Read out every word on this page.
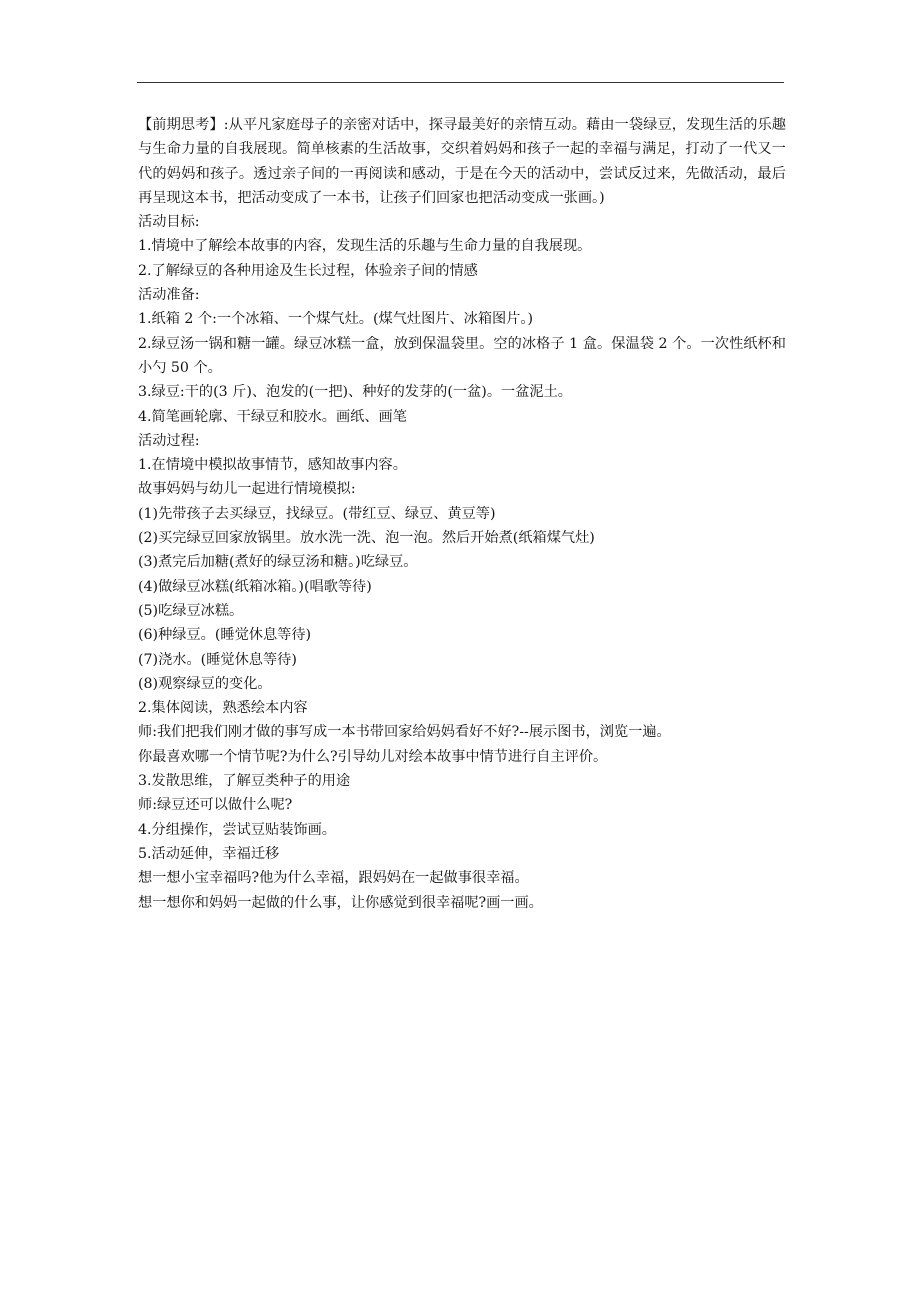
【前期思考】:从平凡家庭母子的亲密对话中，探寻最美好的亲情互动。藉由一袋绿豆，发现生活的乐趣与生命力量的自我展现。简单核素的生活故事，交织着妈妈和孩子一起的幸福与满足，打动了一代又一代的妈妈和孩子。透过亲子间的一再阅读和感动，于是在今天的活动中，尝试反过来，先做活动，最后再呈现这本书，把活动变成了一本书，让孩子们回家也把活动变成一张画。)

活动目标:

1.情境中了解绘本故事的内容，发现生活的乐趣与生命力量的自我展现。

2.了解绿豆的各种用途及生长过程，体验亲子间的情感

活动准备:

1.纸箱 2 个:一个冰箱、一个煤气灶。(煤气灶图片、冰箱图片。)

2.绿豆汤一锅和糖一罐。绿豆冰糕一盒，放到保温袋里。空的冰格子 1 盒。保温袋 2 个。一次性纸杯和小勺 50 个。

3.绿豆:干的(3 斤)、泡发的(一把)、种好的发芽的(一盆)。一盆泥土。

4.简笔画轮廓、干绿豆和胶水。画纸、画笔

活动过程:

1.在情境中模拟故事情节，感知故事内容。

故事妈妈与幼儿一起进行情境模拟:

(1)先带孩子去买绿豆，找绿豆。(带红豆、绿豆、黄豆等)

(2)买完绿豆回家放锅里。放水洗一洗、泡一泡。然后开始煮(纸箱煤气灶)

(3)煮完后加糖(煮好的绿豆汤和糖。)吃绿豆。

(4)做绿豆冰糕(纸箱冰箱。)(唱歌等待)

(5)吃绿豆冰糕。

(6)种绿豆。(睡觉休息等待)

(7)浇水。(睡觉休息等待)

(8)观察绿豆的变化。

2.集体阅读，熟悉绘本内容

师:我们把我们刚才做的事写成一本书带回家给妈妈看好不好?--展示图书，浏览一遍。

你最喜欢哪一个情节呢?为什么?引导幼儿对绘本故事中情节进行自主评价。

3.发散思维，了解豆类种子的用途

师:绿豆还可以做什么呢?

4.分组操作，尝试豆贴装饰画。

5.活动延伸，幸福迁移

想一想小宝幸福吗?他为什么幸福，跟妈妈在一起做事很幸福。

想一想你和妈妈一起做的什么事，让你感觉到很幸福呢?画一画。
